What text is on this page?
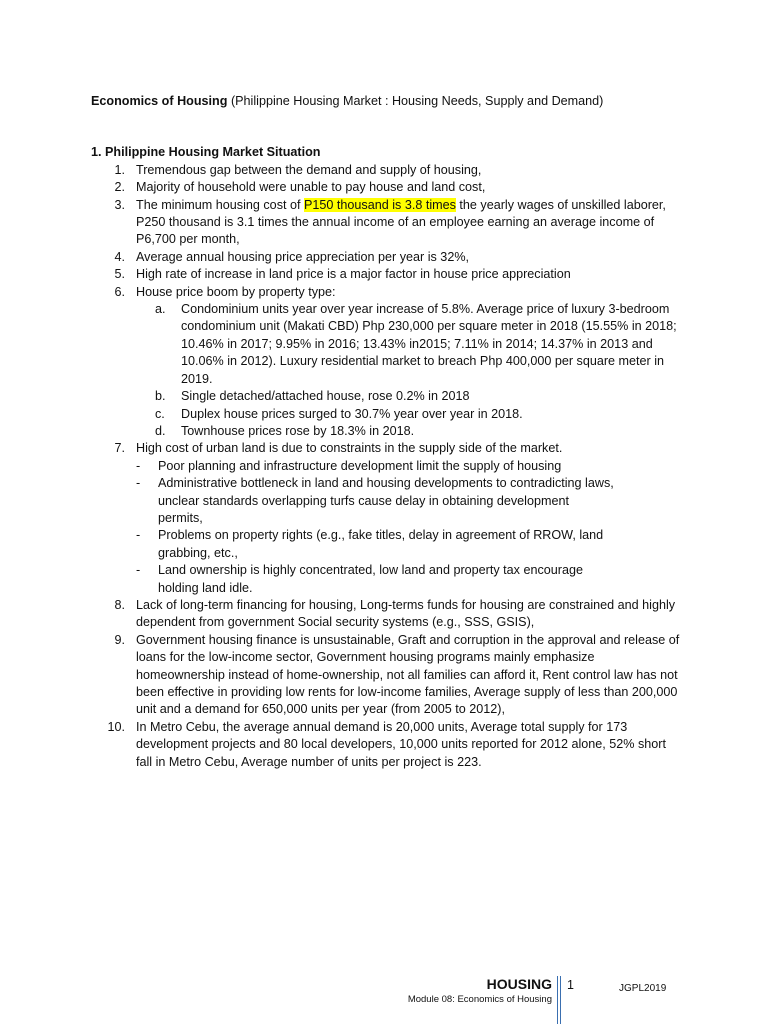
Economics of Housing (Philippine Housing Market : Housing Needs, Supply and Demand)

1. Philippine Housing Market Situation

1. Tremendous gap between the demand and supply of housing,
2. Majority of household were unable to pay house and land cost,
3. The minimum housing cost of P150 thousand is 3.8 times the yearly wages of unskilled laborer, P250 thousand is 3.1 times the annual income of an employee earning an average income of P6,700 per month,
4. Average annual housing price appreciation per year is 32%,
5. High rate of increase in land price is a major factor in house price appreciation
6. House price boom by property type:
a.	Condominium units year over year increase of 5.8%. Average price of luxury 3-bedroom condominium unit (Makati CBD) Php 230,000 per square meter in 2018 (15.55% in 2018; 10.46% in 2017; 9.95% in 2016; 13.43% in2015; 7.11% in 2014; 14.37% in 2013 and 10.06% in 2012). Luxury residential market to breach Php 400,000 per square meter in 2019.
b.	Single detached/attached house, rose 0.2% in 2018
c.	Duplex house prices surged to 30.7% year over year in 2018.
d.	Townhouse prices rose by 18.3% in 2018.
7. High cost of urban land is due to constraints in the supply side of the market.
- Poor planning and infrastructure development limit the supply of housing
- Administrative bottleneck in land and housing developments to contradicting laws, unclear standards overlapping turfs cause delay in obtaining development permits,
- Problems on property rights (e.g., fake titles, delay in agreement of RROW, land grabbing, etc.,
- Land ownership is highly concentrated, low land and property tax encourage holding land idle.
8. Lack of long-term financing for housing, Long-terms funds for housing are constrained and highly dependent from government Social security systems (e.g., SSS, GSIS),
9. Government housing finance is unsustainable, Graft and corruption in the approval and release of loans for the low-income sector, Government housing programs mainly emphasize homeownership instead of home-ownership, not all families can afford it, Rent control law has not been effective in providing low rents for low-income families, Average supply of less than 200,000 unit and a demand for 650,000 units per year (from 2005 to 2012),
10. In Metro Cebu, the average annual demand is 20,000 units, Average total supply for 173 development projects and 80 local developers, 10,000 units reported for 2012 alone, 52% short fall in Metro Cebu, Average number of units per project is 223.
HOUSING
Module 08: Economics of Housing
1	JGPL2019
